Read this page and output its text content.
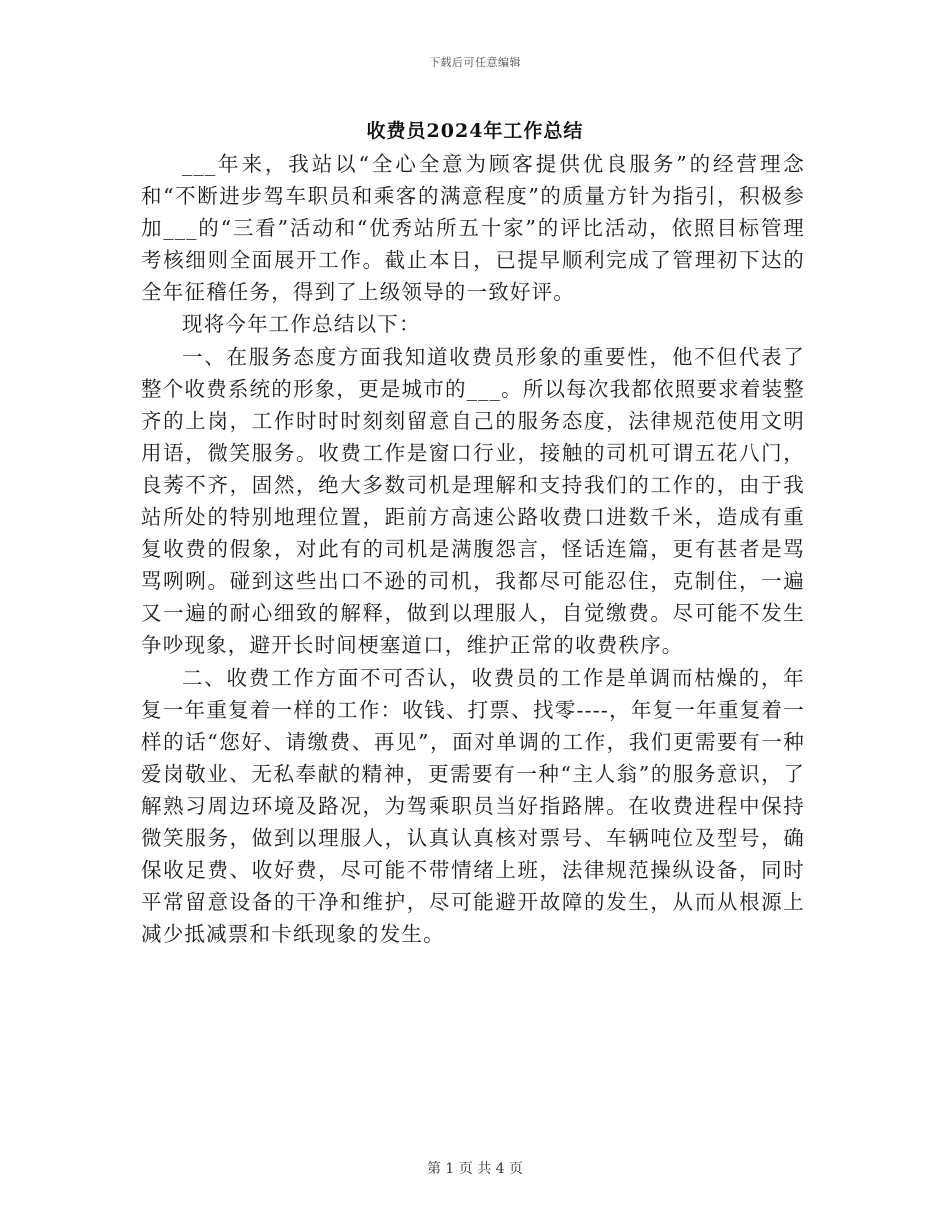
下载后可任意编辑
收费员2024年工作总结

___年来，我站以“全心全意为顾客提供优良服务”的经营理念和“不断进步驾车职员和乘客的满意程度”的质量方针为指引，积极参加___的“三看”活动和“优秀站所五十家”的评比活动，依照目标管理考核细则全面展开工作。截止本日，已提早顺利完成了管理初下达的全年征稽任务，得到了上级领导的一致好评。

现将今年工作总结以下：

一、在服务态度方面我知道收费员形象的重要性，他不但代表了整个收费系统的形象，更是城市的___。所以每次我都依照要求着装整齐的上岗，工作时时时刻刻留意自己的服务态度，法律规范使用文明用语，微笑服务。收费工作是窗口行业，接触的司机可谓五花八门，良莠不齐，固然，绝大多数司机是理解和支持我们的工作的，由于我站所处的特别地理位置，距前方高速公路收费口进数千米，造成有重复收费的假象，对此有的司机是满腹怨言，怪话连篇，更有甚者是骂骂咧咧。碰到这些出口不逊的司机，我都尽可能忍住，克制住，一遍又一遍的耐心细致的解释，做到以理服人，自觉缴费。尽可能不发生争吵现象，避开长时间梗塞道口，维护正常的收费秩序。

二、收费工作方面不可否认，收费员的工作是单调而枯燥的，年复一年重复着一样的工作：收钱、打票、找零----，年复一年重复着一样的话“您好、请缴费、再见”，面对单调的工作，我们更需要有一种爱岗敬业、无私奉献的精神，更需要有一种“主人翁”的服务意识，了解熟习周边环境及路况，为驾乘职员当好指路牌。在收费进程中保持微笑服务，做到以理服人，认真认真核对票号、车辆吨位及型号，确保收足费、收好费，尽可能不带情绪上班，法律规范操纵设备，同时平常留意设备的干净和维护，尽可能避开故障的发生，从而从根源上减少抵减票和卡纸现象的发生。

第 1 页 共 4 页
